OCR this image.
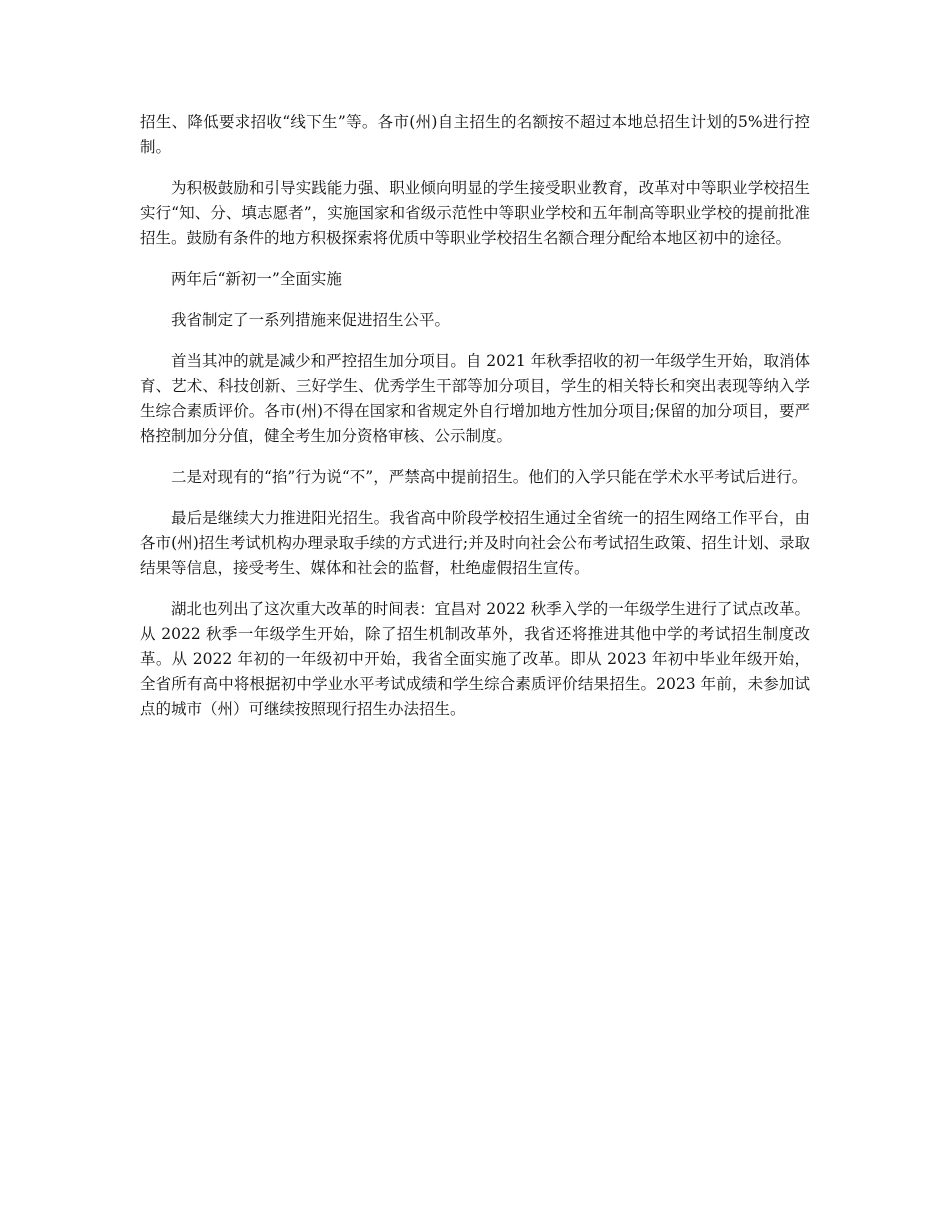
招生、降低要求招收“线下生”等。各市(州)自主招生的名额按不超过本地总招生计划的5%进行控制。

为积极鼓励和引导实践能力强、职业倾向明显的学生接受职业教育，改革对中等职业学校招生实行“知、分、填志愿者”，实施国家和省级示范性中等职业学校和五年制高等职业学校的提前批准招生。鼓励有条件的地方积极探索将优质中等职业学校招生名额合理分配给本地区初中的途径。

两年后“新初一”全面实施

我省制定了一系列措施来促进招生公平。

首当其冲的就是减少和严控招生加分项目。自 2021 年秋季招收的初一年级学生开始，取消体育、艺术、科技创新、三好学生、优秀学生干部等加分项目，学生的相关特长和突出表现等纳入学生综合素质评价。各市(州)不得在国家和省规定外自行增加地方性加分项目;保留的加分项目，要严格控制加分分值，健全考生加分资格审核、公示制度。

二是对现有的“掐”行为说“不”，严禁高中提前招生。他们的入学只能在学术水平考试后进行。

最后是继续大力推进阳光招生。我省高中阶段学校招生通过全省统一的招生网络工作平台，由各市(州)招生考试机构办理录取手续的方式进行;并及时向社会公布考试招生政策、招生计划、录取结果等信息，接受考生、媒体和社会的监督，杜绝虚假招生宣传。

湖北也列出了这次重大改革的时间表：宜昌对 2022 秋季入学的一年级学生进行了试点改革。从 2022 秋季一年级学生开始，除了招生机制改革外，我省还将推进其他中学的考试招生制度改革。从 2022 年初的一年级初中开始，我省全面实施了改革。即从 2023 年初中毕业年级开始，全省所有高中将根据初中学业水平考试成绩和学生综合素质评价结果招生。2023 年前，未参加试点的城市（州）可继续按照现行招生办法招生。
